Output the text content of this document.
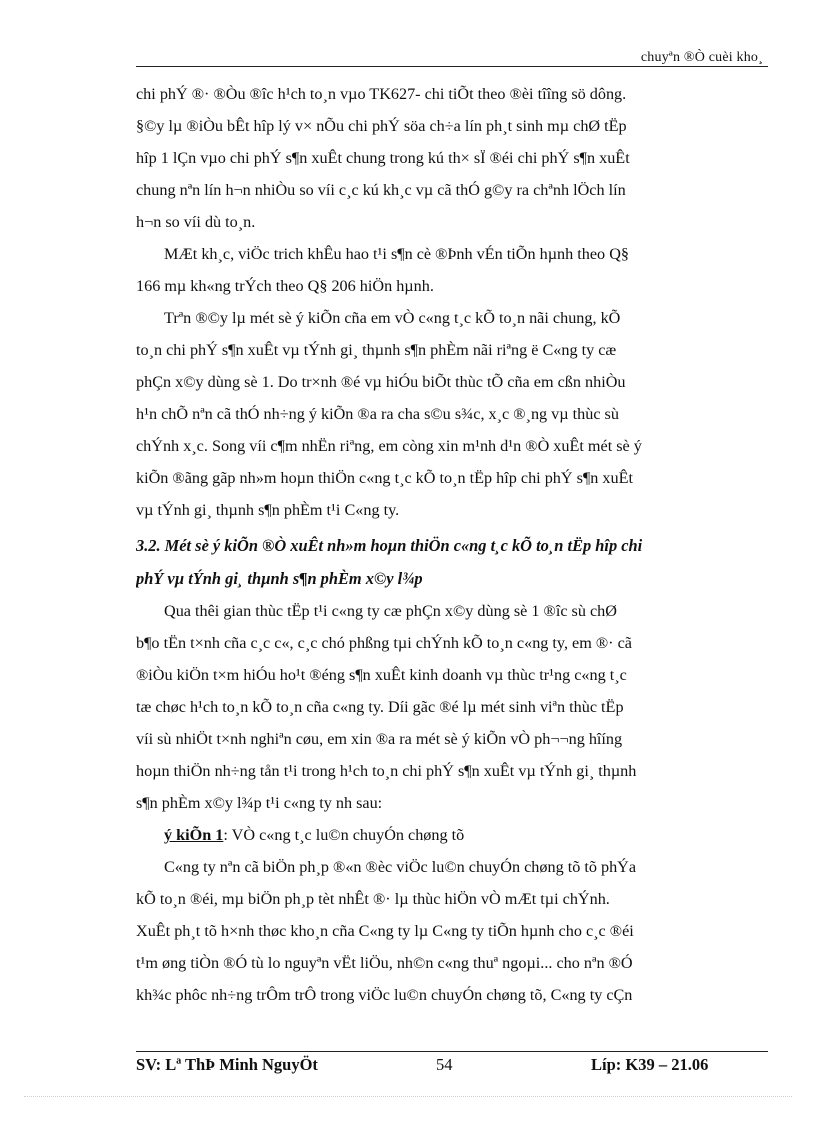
chuyªn ®Ò cuèi kho¸

chi phÝ ®· ®Òu ®îc h¹ch to¸n vµo TK627- chi tiÕt theo ®èi tîîng sö dông.
§©y lµ ®iÒu bÊt hîp lý v× nÕu chi phÝ söa ch÷a lín ph¸t sinh mµ chØ tËp
hîp 1 lÇn vµo chi phÝ s¶n xuÊt chung trong kú th× sÏ ®éi chi phÝ s¶n xuÊt
chung nªn lín h¬n nhiÒu so víi c¸c kú kh¸c vµ cã thÓ g©y ra chªnh lÖch lín
h¬n so víi dù to¸n.

MÆt kh¸c, viÖc trich khÊu hao t¹i s¶n cè ®Þnh vÉn tiÕn hµnh theo Q§
166 mµ kh«ng trÝch theo Q§ 206 hiÖn hµnh.

Trªn ®©y lµ mét sè ý kiÕn cña em vÒ c«ng t¸c kÕ to¸n nãi chung, kÕ
to¸n chi phÝ s¶n xuÊt vµ tÝnh gi¸ thµnh s¶n phÈm nãi riªng ë C«ng ty cæ
phÇn x©y dùng sè 1. Do tr×nh ®é vµ hiÓu biÕt thùc tÕ cña em cßn nhiÒu
h¹n chÕ nªn cã thÓ nh÷ng ý kiÕn ®a ra cha s©u s¾c, x¸c ®¸ng vµ thùc sù
chÝnh x¸c. Song víi c¶m nhËn riªng, em còng xin m¹nh d¹n ®Ò xuÊt mét sè ý
kiÕn ®ãng gãp nh»m hoµn thiÖn c«ng t¸c kÕ to¸n tËp hîp chi phÝ s¶n xuÊt
vµ tÝnh gi¸ thµnh s¶n phÈm t¹i C«ng ty.

3.2. Mét sè ý kiÕn ®Ò xuÊt nh»m hoµn thiÖn c«ng t¸c kÕ to¸n tËp hîp chi
phÝ vµ tÝnh gi¸ thµnh s¶n phÈm x©y l¾p

Qua thêi gian thùc tËp t¹i c«ng ty cæ phÇn x©y dùng sè 1 ®îc sù chØ
b¶o tËn t×nh cña c¸c c«, c¸c chó phßng tµi chÝnh kÕ to¸n c«ng ty, em ®· cã
®iÒu kiÖn t×m hiÓu ho¹t ®éng s¶n xuÊt kinh doanh vµ thùc tr¹ng c«ng t¸c
tæ chøc h¹ch to¸n kÕ to¸n cña c«ng ty. Díi gãc ®é lµ mét sinh viªn thùc tËp
víi sù nhiÖt t×nh nghiªn cøu, em xin ®a ra mét sè ý kiÕn vÒ ph¬¬ng hîíng
hoµn thiÖn nh÷ng tån t¹i trong h¹ch to¸n chi phÝ s¶n xuÊt vµ tÝnh gi¸ thµnh
s¶n phÈm x©y l¾p t¹i c«ng ty nh sau:

ý kiÕn 1: VÒ c«ng t¸c lu©n chuyÓn chøng tõ

C«ng ty nªn cã biÖn ph¸p ®«n ®èc viÖc lu©n chuyÓn chøng tõ tõ phÝa
kÕ to¸n ®éi, mµ biÖn ph¸p tèt nhÊt ®· lµ thùc hiÖn vÒ mÆt tµi chÝnh.
XuÊt ph¸t tõ h×nh thøc kho¸n cña C«ng ty lµ C«ng ty tiÕn hµnh cho c¸c ®éi
t¹m øng tiÒn ®Ó tù lo nguyªn vËt liÖu, nh©n c«ng thuª ngoµi... cho nªn ®Ó
kh¾c phôc nh÷ng trÔm trÔ trong viÖc lu©n chuyÓn chøng tõ, C«ng ty cÇn

SV: Lª ThÞ Minh NguyÖt	54	Líp: K39 – 21.06
